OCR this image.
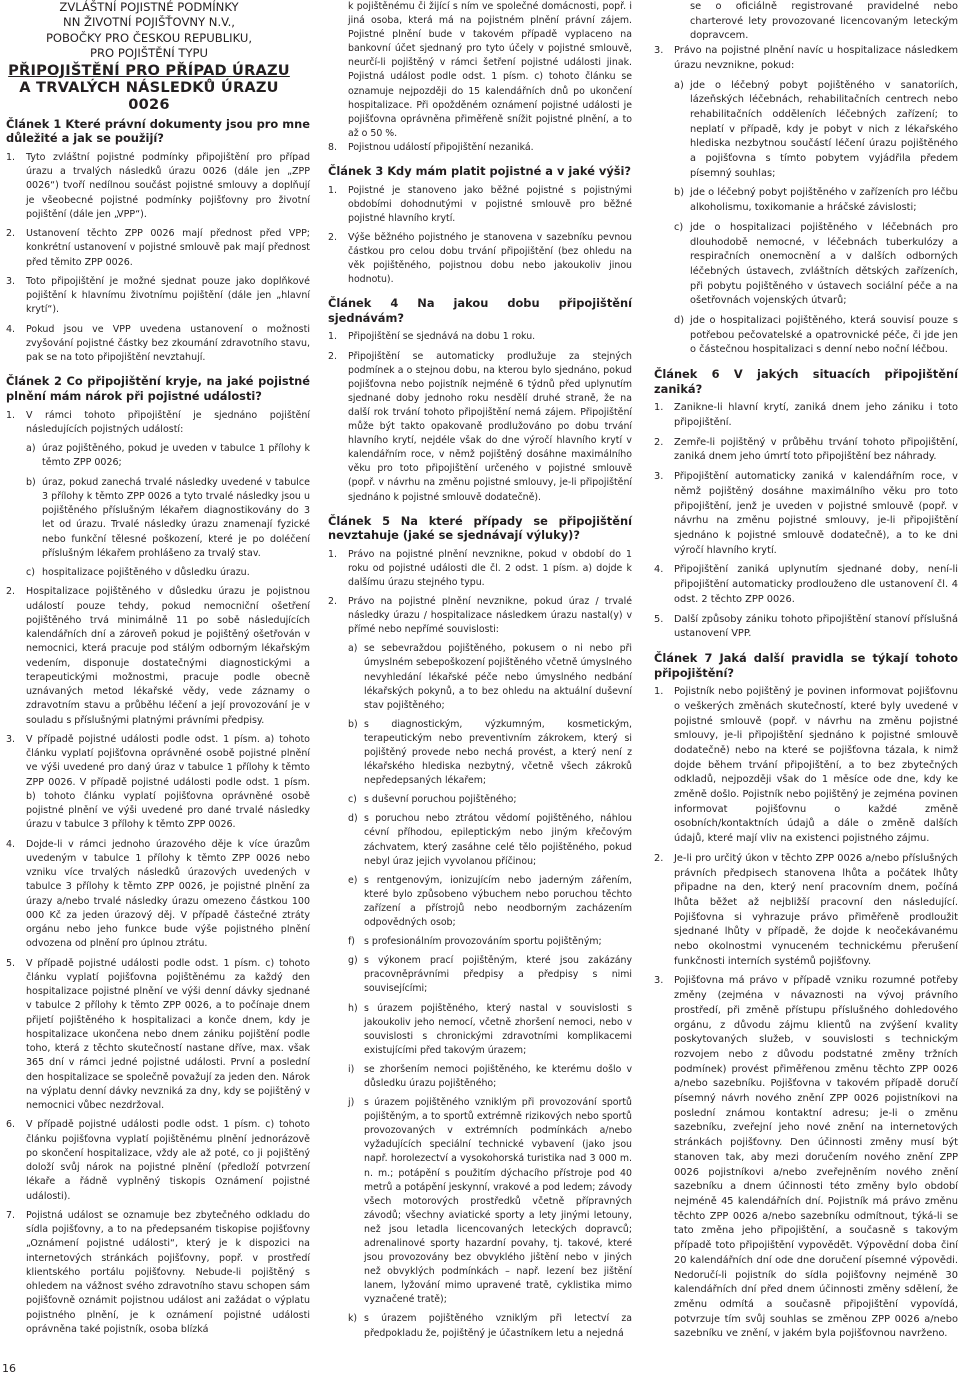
ZVLÁŠTNÍ POJISTNÉ PODMÍNKY
NN ŽIVOTNÍ POJIŠŤOVNY N.V.,
POBOČKY PRO ČESKOU REPUBLIKU,
PRO POJIŠTĚNÍ TYPU
PŘIPOJIŠTĚNÍ PRO PŘÍPAD ÚRAZU
A TRVALÝCH NÁSLEDKŮ ÚRAZU 0026
Článek 1 Které právní dokumenty jsou pro mne důležité a jak se použijí?
1. Tyto zvláštní pojistné podmínky připojištění pro případ úrazu a trvalých následků úrazu 0026 (dále jen „ZPP 0026“) tvoří nedílnou součást pojistné smlouvy a doplňují je všeobecné pojistné podmínky pojišťovny pro životní pojištění (dále jen „VPP“).
2. Ustanovení těchto ZPP 0026 mají přednost před VPP; konkrétní ustanovení v pojistné smlouvě pak mají přednost před těmito ZPP 0026.
3. Toto připojištění je možné sjednat pouze jako doplňkové pojištění k hlavnímu životnímu pojištění (dále jen „hlavní krytí“).
4. Pokud jsou ve VPP uvedena ustanovení o možnosti zvyšování pojistné částky bez zkoumání zdravotního stavu, pak se na toto připojištění nevztahují.
Článek 2 Co připojištění kryje, na jaké pojistné plnění mám nárok při pojistné události?
1. V rámci tohoto připojištění je sjednáno pojištění následujících pojistných událostí:
a) úraz pojištěného, pokud je uveden v tabulce 1 přílohy k těmto ZPP 0026;
b) úraz, pokud zanechá trvalé následky uvedené v tabulce 3 přílohy k těmto ZPP 0026 a tyto trvalé následky jsou u pojištěného příslušným lékařem diagnostikovány do 3 let od úrazu. Trvalé následky úrazu znamenají fyzické nebo funkční tělesné poškození, které je po doléčení příslušným lékařem prohlášeno za trvalý stav.
c) hospitalizace pojištěného v důsledku úrazu.
2. Hospitalizace pojištěného v důsledku úrazu je pojistnou událostí pouze tehdy, pokud nemocniční ošetření pojištěného trvá minimálně 11 po sobě následujících kalendářních dní a zároveň pokud je pojištěný ošetřován v nemocnici, která pracuje pod stálým odborným lékařským vedením, disponuje dostatečnými diagnostickými a terapeutickými možnostmi, pracuje podle obecně uznávaných metod lékařské vědy, vede záznamy o zdravotním stavu a průběhu léčení a její provozování je v souladu s příslušnými platnými právními předpisy.
3. V případě pojistné události podle odst. 1 písm. a) tohoto článku vyplatí pojišťovna oprávněné osobě pojistné plnění ve výši uvedené pro daný úraz v tabulce 1 přílohy k těmto ZPP 0026. V případě pojistné události podle odst. 1 písm. b) tohoto článku vyplatí pojišťovna oprávněné osobě pojistné plnění ve výši uvedené pro dané trvalé následky úrazu v tabulce 3 přílohy k těmto ZPP 0026.
4. Dojde-li v rámci jednoho úrazového děje k více úrazům uvedeným v tabulce 1 přílohy k těmto ZPP 0026 nebo vzniku více trvalých následků úrazových uvedených v tabulce 3 přílohy k těmto ZPP 0026, je pojistné plnění za úrazy a/nebo trvalé následky úrazu omezeno částkou 100 000 Kč za jeden úrazový děj. V případě částečné ztráty orgánu nebo jeho funkce bude výše pojistného plnění odvozena od plnění pro úplnou ztrátu.
5. V případě pojistné události podle odst. 1 písm. c) tohoto článku vyplatí pojišťovna pojištěnému za každý den hospitalizace pojistné plnění ve výši denní dávky sjednané v tabulce 2 přílohy k těmto ZPP 0026, a to počínaje dnem přijetí pojištěného k hospitalizaci a konče dnem, kdy je hospitalizace ukončena nebo dnem zániku pojištění podle toho, která z těchto skutečností nastane dříve, max. však 365 dní v rámci jedné pojistné události. První a poslední den hospitalizace se společně považují za jeden den. Nárok na výplatu denní dávky nevzniká za dny, kdy se pojištěný v nemocnici vůbec nezdržoval.
6. V případě pojistné události podle odst. 1 písm. c) tohoto článku pojišťovna vyplatí pojištěnému plnění jednorázově po skončení hospitalizace, vždy ale až poté, co ji pojištěný doloží svůj nárok na pojistné plnění (předloží potvrzení lékaře a řádně vyplněný tiskopis Oznámení pojistné události).
7. Pojistná událost se oznamuje bez zbytečného odkladu do sídla pojišťovny, a to na předepsaném tiskopise pojišťovny „Oznámení pojistné události“, který je k dispozici na internetových stránkách pojišťovny, popř. v prostředí klientského portálu pojišťovny. Nebude-li pojištěný s ohledem na vážnost svého zdravotního stavu schopen sám pojišťovně oznámit pojistnou událost ani zažádat o výplatu pojistného plnění, je k oznámení pojistné události oprávněna také pojistník, osoba blízká

k pojištěnému či žijící s ním ve společné domácnosti, popř. i jiná osoba, která má na pojistném plnění právní zájem. Pojistné plnění bude v takovém případě vyplaceno na bankovní účet sjednaný pro tyto účely v pojistné smlouvě, neurčí-li pojištěný v rámci šetření pojistné události jinak. Pojistná událost podle odst. 1 písm. c) tohoto článku se oznamuje nejpozději do 15 kalendářních dnů po ukončení hospitalizace. Při opožděném oznámení pojistné události je pojišťovna oprávněna přiměřeně snížit pojistné plnění, a to až o 50 %.

8. Pojistnou událostí připojištění nezaniká.
Článek 3 Kdy mám platit pojistné a v jaké výši?
1. Pojistné je stanoveno jako běžné pojistné s pojistnými obdobími dohodnutými v pojistné smlouvě pro běžné pojistné hlavního krytí.
2. Výše běžného pojistného je stanovena v sazebníku pevnou částkou pro celou dobu trvání připojištění (bez ohledu na věk pojištěného, pojistnou dobu nebo jakoukoliv jinou hodnotu).
Článek 4 Na jakou dobu připojištění sjednávám?
1. Připojištění se sjednává na dobu 1 roku.
2. Připojištění se automaticky prodlužuje za stejných podmínek a o stejnou dobu, na kterou bylo sjednáno, pokud pojišťovna nebo pojistník nejméně 6 týdnů před uplynutím sjednané doby jednoho roku nesdělí druhé straně, že na další rok trvání tohoto připojištění nemá zájem. Připojištění může být takto opakovaně prodlužováno po dobu trvání hlavního krytí, nejdéle však do dne výročí hlavního krytí v kalendářním roce, v němž pojištěný dosáhne maximálního věku pro toto připojištění určeného v pojistné smlouvě (popř. v návrhu na změnu pojistné smlouvy, je-li připojištění sjednáno k pojistné smlouvě dodatečně).
Článek 5 Na které případy se připojištění nevztahuje (jaké se sjednávají výluky)?
1. Právo na pojistné plnění nevznikne, pokud v období do 1 roku od pojistné události dle čl. 2 odst. 1 písm. a) dojde k dalšímu úrazu stejného typu.
2. Právo na pojistné plnění nevznikne, pokud úraz / trvalé následky úrazu / hospitalizace následkem úrazu nastal(y) v přímé nebo nepřímé souvislosti:
a) se sebevraždou pojištěného, pokusem o ni nebo při úmyslném sebepoškození pojištěného včetně úmyslného nevyhledání lékařské péče nebo úmyslného nedbání lékařských pokynů, a to bez ohledu na aktuální duševní stav pojištěného;
b) s diagnostickým, výzkumným, kosmetickým, terapeutickým nebo preventivním zákrokem, který si pojištěný provede nebo nechá provést, a který není z lékařského hlediska nezbytný, včetně všech zákroků nepředepsaných lékařem;
c) s duševní poruchou pojištěného;
d) s poruchou nebo ztrátou vědomí pojištěného, náhlou cévní příhodou, epileptickým nebo jiným křečovým záchvatem, který zasáhne celé tělo pojištěného, pokud nebyl úraz jejich vyvolanou příčinou;
e) s rentgenovým, ionizujícím nebo jaderným zářením, které bylo způsobeno výbuchem nebo poruchou těchto zařízení a přístrojů nebo neodborným zacházením odpovědných osob;
f) s profesionálním provozováním sportu pojištěným;
g) s výkonem prací pojištěným, které jsou zakázány pracovněprávními předpisy a předpisy s nimi souvisejícími;
h) s úrazem pojištěného, který nastal v souvislosti s jakoukoliv jeho nemocí, včetně zhoršení nemoci, nebo v souvislosti s chronickými zdravotními komplikacemi existujícími před takovým úrazem;
i) se zhoršením nemoci pojištěného, ke kterému došlo v důsledku úrazu pojištěného;
j) s úrazem pojištěného vzniklým při provozování sportů pojištěným, a to sportů extrémně rizikových nebo sportů provozovaných v extrémních podmínkách a/nebo vyžadujících speciální technické vybavení (jako jsou např. horolezectví a vysokohorská turistika nad 3 000 m. n. m.; potápění s použitím dýchacího přístroje pod 40 metrů a potápění jeskynní, vrakové a pod ledem; závody všech motorových prostředků včetně přípravných závodů; všechny aviatické sporty a lety jinými letouny, než jsou letadla licencovaných leteckých dopravců; adrenalinové sporty hazardní povahy, tj. takové, které jsou provozovány bez obvyklého jištění nebo v jiných než obvyklých podmínkách – např. lezení bez jištění lanem, lyžování mimo upravené tratě, cyklistika mimo vyznačené tratě);
k) s úrazem pojištěného vzniklým při letectví za předpokladu že, pojištěný je účastníkem letu a nejedná

se o oficiálně registrované pravidelné nebo charterové lety provozované licencovaným leteckým dopravcem.

3. Právo na pojistné plnění navíc u hospitalizace následkem úrazu nevznikne, pokud:
a) jde o léčebný pobyt pojištěného v sanatoriích, lázeňských léčebnách, rehabilitačních centrech nebo rehabilitačních odděleních léčebných zařízení; to neplatí v případě, kdy je pobyt v nich z lékařského hlediska nezbytnou součástí léčení úrazu pojištěného a pojišťovna s tímto pobytem vyjádřila předem písemný souhlas;
b) jde o léčebný pobyt pojištěného v zařízeních pro léčbu alkoholismu, toxikomanie a hráčské závislosti;
c) jde o hospitalizaci pojištěného v léčebnách pro dlouhodobě nemocné, v léčebnách tuberkulózy a respiračních onemocnění a v dalších odborných léčebných ústavech, zvláštních dětských zařízeních, při pobytu pojištěného v ústavech sociální péče a na ošetřovnách vojenských útvarů;
d) jde o hospitalizaci pojištěného, která souvisí pouze s potřebou pečovatelské a opatrovnické péče, či jde jen o částečnou hospitalizaci s denní nebo noční léčbou.
Článek 6 V jakých situacích připojištění zaniká?
1. Zanikne-li hlavní krytí, zaniká dnem jeho zániku i toto připojištění.
2. Zemře-li pojištěný v průběhu trvání tohoto připojištění, zaniká dnem jeho úmrtí toto připojištění bez náhrady.
3. Připojištění automaticky zaniká v kalendářním roce, v němž pojištěný dosáhne maximálního věku pro toto připojištění, jenž je uveden v pojistné smlouvě (popř. v návrhu na změnu pojistné smlouvy, je-li připojištění sjednáno k pojistné smlouvě dodatečně), a to ke dni výročí hlavního krytí.
4. Připojištění zaniká uplynutím sjednané doby, není-li připojištění automaticky prodlouženo dle ustanovení čl. 4 odst. 2 těchto ZPP 0026.
5. Další způsoby zániku tohoto připojištění stanoví příslušná ustanovení VPP.
Článek 7 Jaká další pravidla se týkají tohoto připojištění?
1. Pojistník nebo pojištěný je povinen informovat pojišťovnu o veškerých změnách skutečností, které byly uvedené v pojistné smlouvě (popř. v návrhu na změnu pojistné smlouvy, je-li připojištění sjednáno k pojistné smlouvě dodatečně) nebo na které se pojišťovna tázala, k nimž dojde během trvání připojištění, a to bez zbytečných odkladů, nejpozději však do 1 měsíce ode dne, kdy ke změně došlo. Pojistník nebo pojištěný je zejména povinen informovat pojišťovnu o každé změně osobních/kontaktních údajů a dále o změně dalších údajů, které mají vliv na existenci pojistného zájmu.
2. Je-li pro určitý úkon v těchto ZPP 0026 a/nebo příslušných právních předpisech stanovena lhůta a počátek lhůty připadne na den, který není pracovním dnem, počíná lhůta běžet až nejbližší pracovní den následující. Pojišťovna si vyhrazuje právo přiměřeně prodloužit sjednané lhůty v případě, že dojde k neočekávanému nebo okolnostmi vynuceném technickému přerušení funkčnosti interních systémů pojišťovny.
3. Pojišťovna má právo v případě vzniku rozumné potřeby změny (zejména v návaznosti na vývoj právního prostředí, při změně přístupu příslušného dohledového orgánu, z důvodu zájmu klientů na zvýšení kvality poskytovaných služeb, v souvislosti s technickým rozvojem nebo z důvodu podstatné změny tržních podmínek) provést přiměřenou změnu těchto ZPP 0026 a/nebo sazebníku. Pojišťovna v takovém případě doručí písemný návrh nového znění ZPP 0026 pojistníkovi na poslední známou kontaktní adresu; je-li o změnu sazebníku, zveřejní jeho nové znění na internetových stránkách pojišťovny. Den účinnosti změny musí být stanoven tak, aby mezi doručením nového znění ZPP 0026 pojistníkovi a/nebo zveřejněním nového znění sazebníku a dnem účinnosti této změny bylo období nejméně 45 kalendářních dní. Pojistník má právo změnu těchto ZPP 0026 a/nebo sazebníku odmítnout, týká-li se tato změna jeho připojištění, a současně s takovým případě toto připojištění vypovědět. Výpovědní doba činí 20 kalendářních dní ode dne doručení písemné výpovědi. Nedoručí-li pojistník do sídla pojišťovny nejméně 30 kalendářních dní před dnem účinnosti změny sdělení, že změnu odmítá a současně připojištění vypovídá, potvrzuje tím svůj souhlas se změnou ZPP 0026 a/nebo sazebníku ve znění, v jakém byla pojišťovnou navrženo.
16
